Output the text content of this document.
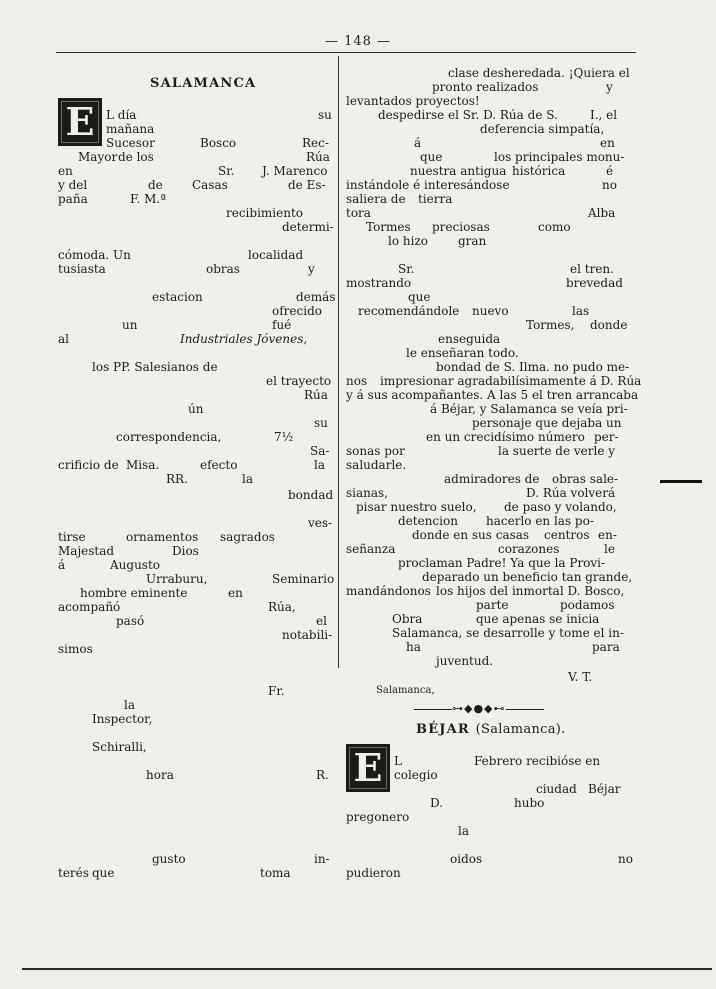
— 148 —
SALAMANCA
E L día	su
mañana
Sucesor	Bosco	Rec-
Mayor de los	Rúa
en	Sr. J. Marenco
y del	de Casas	de Es-
paña	F. M.ª
recibimiento
determi-
cómoda. Un	localidad
tusiasta	obras	y
estacion	demás
ofrecido
un	fué
al	Industriales Jóvenes,
los PP. Salesianos de
el trayecto
Rúa
ún
su
correspondencia,	7½
Sa-
crificio de Misa.	efecto	la
RR.	la
bondad
ves-
tirse	ornamentos sagrados
Majestad	Dios
á	Augusto
Urraburu,	Seminario
hombre eminente	en
acompañó	Rúa,
pasó	el
notabili-
simos
Fr.
la
Inspector,
Schiralli,
hora	R.
gusto	in-
terés que	toma
clase desheredada. ¡Quiera el
pronto realizados	y
levantados proyectos!
despedirse el Sr. D. Rúa de S.	I., el
deferencia simpatía,
á	en
que	los principales monu-
nuestra antigua histórica	é
instándole é interesándose	no
saliera de tierra
tora	Alba
Tormes preciosas	como
lo hizo	gran
Sr.	el tren.
mostrando	brevedad
que
recomendándole nuevo	las
Tormes, donde
enseguida
le enseñaran todo.
bondad de S. Ilma. no pudo me-
nos impresionar agradabilísimamente á D. Rúa
y á sus acompañantes. A las 5 el tren arrancaba
á Béjar, y Salamanca se veía pri-
personaje que dejaba un
en un crecidísimo número per-
sonas por	la suerte de verle y
saludarle.
admiradores de obras sale-
sianas,	D. Rúa volverá
pisar nuestro suelo, de paso y volando,
detencion hacerlo en las po-
donde en sus casas centros en-
señanza	corazones	le
proclaman Padre! Ya que la Provi-
deparado un beneficio tan grande,
mandándonos los hijos del inmortal D. Bosco,
parte	podamos
Obra	que apenas se inicia
Salamanca, se desarrolle y tome el in-
ha	para
juventud.
V. T.
Salamanca,
⊶◆●◆⊷
BÉJAR (Salamanca).
E L	Febrero recibióse en
colegio
ciudad Béjar
D.	hubo
pregonero
la
oidos	no
pudieron
